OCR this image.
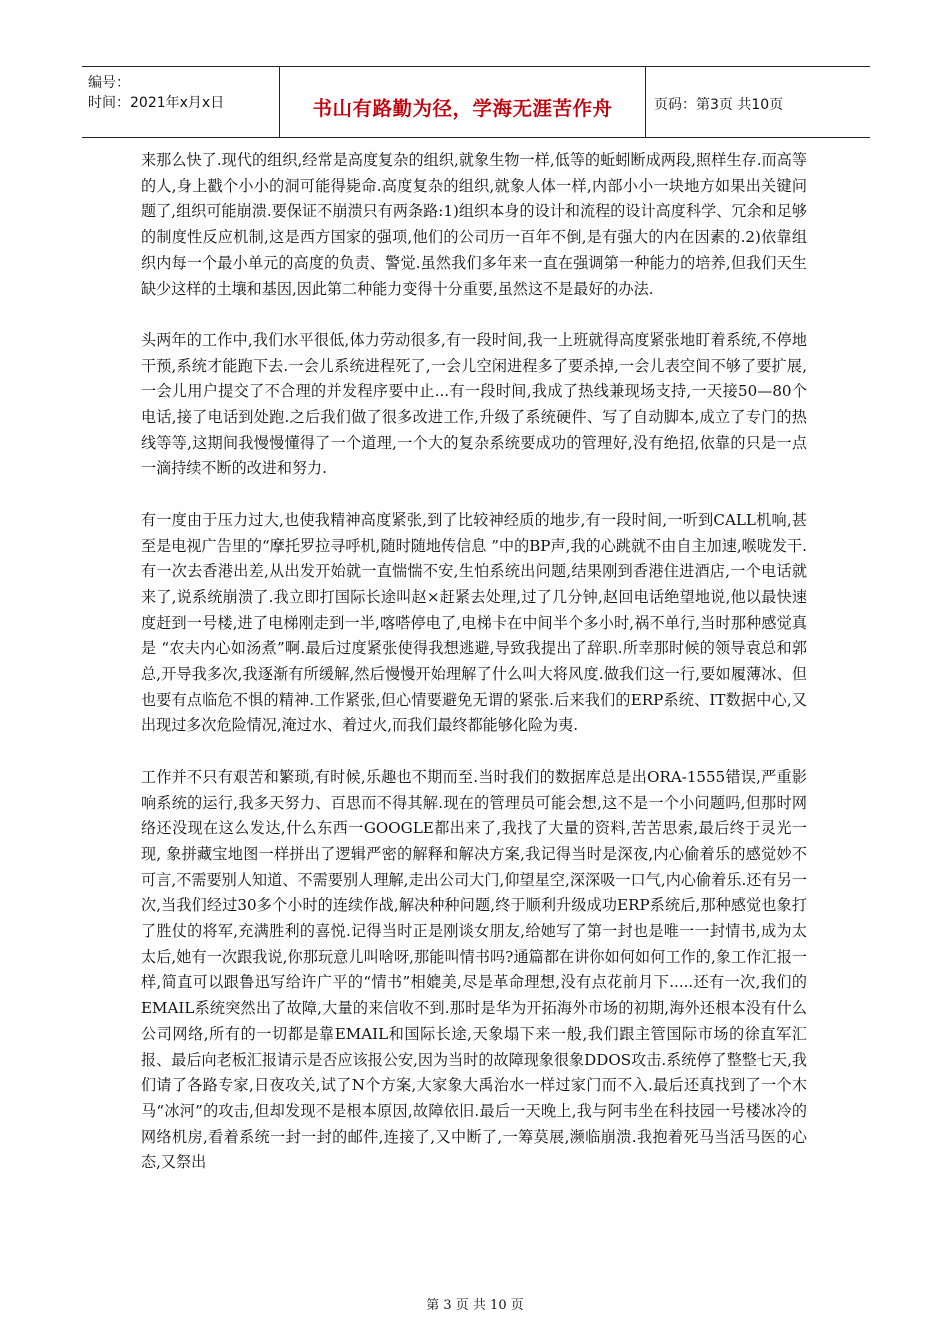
编号：
时间：2021年x月x日	书山有路勤为径，学海无涯苦作舟	页码：第3页 共10页

来那么快了.现代的组织,经常是高度复杂的组织,就象生物一样,低等的蚯蚓断成两段,照样生存.而高等的人,身上戳个小小的洞可能得毙命.高度复杂的组织,就象人体一样,内部小小一块地方如果出关键问题了,组织可能崩溃.要保证不崩溃只有两条路:1)组织本身的设计和流程的设计高度科学、冗余和足够的制度性反应机制,这是西方国家的强项,他们的公司历一百年不倒,是有强大的内在因素的.2)依靠组织内每一个最小单元的高度的负责、警觉.虽然我们多年来一直在强调第一种能力的培养,但我们天生缺少这样的土壤和基因,因此第二种能力变得十分重要,虽然这不是最好的办法.

头两年的工作中,我们水平很低,体力劳动很多,有一段时间,我一上班就得高度紧张地盯着系统,不停地干预,系统才能跑下去.一会儿系统进程死了,一会儿空闲进程多了要杀掉,一会儿表空间不够了要扩展,一会儿用户提交了不合理的并发程序要中止...有一段时间,我成了热线兼现场支持,一天接50—80个电话,接了电话到处跑.之后我们做了很多改进工作,升级了系统硬件、写了自动脚本,成立了专门的热线等等,这期间我慢慢懂得了一个道理,一个大的复杂系统要成功的管理好,没有绝招,依靠的只是一点一滴持续不断的改进和努力.

有一度由于压力过大,也使我精神高度紧张,到了比较神经质的地步,有一段时间,一听到CALL机响,甚至是电视广告里的“摩托罗拉寻呼机,随时随地传信息 ”中的BP声,我的心跳就不由自主加速,喉咙发干.有一次去香港出差,从出发开始就一直惴惴不安,生怕系统出问题,结果刚到香港住进酒店,一个电话就来了,说系统崩溃了.我立即打国际长途叫赵×赶紧去处理,过了几分钟,赵回电话绝望地说,他以最快速度赶到一号楼,进了电梯刚走到一半,喀嗒停电了,电梯卡在中间半个多小时,祸不单行,当时那种感觉真是 “农夫内心如汤煮”啊.最后过度紧张使得我想逃避,导致我提出了辞职.所幸那时候的领导袁总和郭总,开导我多次,我逐渐有所缓解,然后慢慢开始理解了什么叫大将风度.做我们这一行,要如履薄冰、但也要有点临危不惧的精神.工作紧张,但心情要避免无谓的紧张.后来我们的ERP系统、IT数据中心,又出现过多次危险情况,淹过水、着过火,而我们最终都能够化险为夷.

工作并不只有艰苦和繁琐,有时候,乐趣也不期而至.当时我们的数据库总是出ORA-1555错误,严重影响系统的运行,我多天努力、百思而不得其解.现在的管理员可能会想,这不是一个小问题吗,但那时网络还没现在这么发达,什么东西一GOOGLE都出来了,我找了大量的资料,苦苦思索,最后终于灵光一现, 象拼藏宝地图一样拼出了逻辑严密的解释和解决方案,我记得当时是深夜,内心偷着乐的感觉妙不可言,不需要别人知道、不需要别人理解,走出公司大门,仰望星空,深深吸一口气,内心偷着乐.还有另一次,当我们经过30多个小时的连续作战,解决种种问题,终于顺利升级成功ERP系统后,那种感觉也象打了胜仗的将军,充满胜利的喜悦.记得当时正是刚谈女朋友,给她写了第一封也是唯一一封情书,成为太太后,她有一次跟我说,你那玩意儿叫啥呀,那能叫情书吗?通篇都在讲你如何如何工作的,象工作汇报一样,简直可以跟鲁迅写给许广平的“情书”相媲美,尽是革命理想,没有点花前月下.....还有一次,我们的EMAIL系统突然出了故障,大量的来信收不到.那时是华为开拓海外市场的初期,海外还根本没有什么公司网络,所有的一切都是靠EMAIL和国际长途,天象塌下来一般,我们跟主管国际市场的徐直军汇报、最后向老板汇报请示是否应该报公安,因为当时的故障现象很象DDOS攻击.系统停了整整七天,我们请了各路专家,日夜攻关,试了N个方案,大家象大禹治水一样过家门而不入.最后还真找到了一个木马“冰河”的攻击,但却发现不是根本原因,故障依旧.最后一天晚上,我与阿韦坐在科技园一号楼冰冷的网络机房,看着系统一封一封的邮件,连接了,又中断了,一筹莫展,濒临崩溃.我抱着死马当活马医的心态,又祭出

第 3 页 共 10 页
